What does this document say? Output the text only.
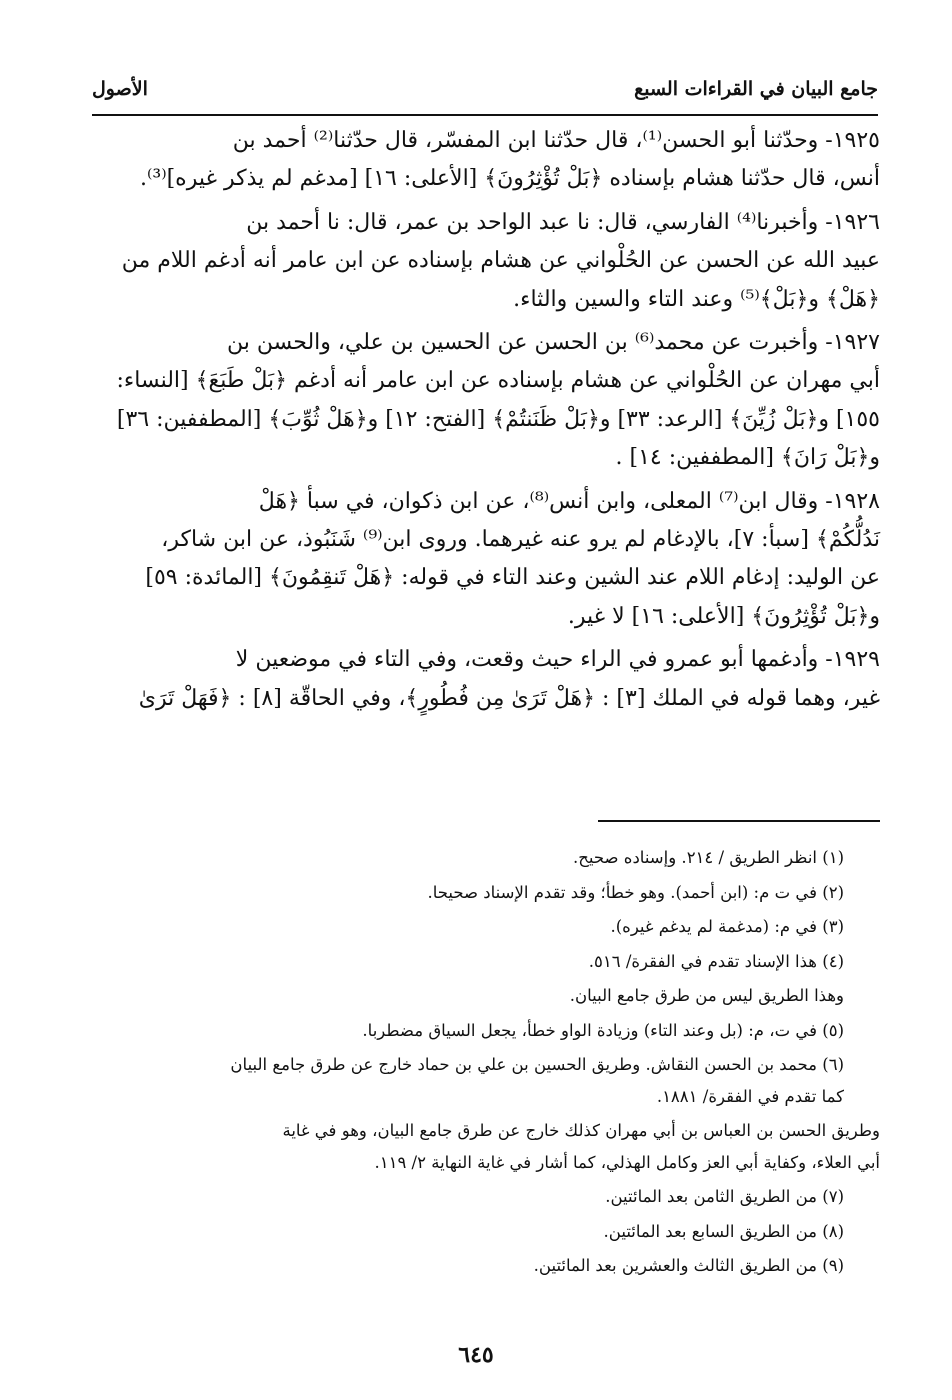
جامع البيان في القراءات السبع
الأصول

١٩٢٥- وحدّثنا أبو الحسن⁽¹⁾، قال حدّثنا ابن المفسّر، قال حدّثنا⁽²⁾ أحمد بن

أنس، قال حدّثنا هشام بإسناده ﴿بَلْ تُؤْثِرُونَ﴾ [الأعلى: ١٦] [مدغم لم يذكر غيره]⁽³⁾.

١٩٢٦- وأخبرنا⁽⁴⁾ الفارسي، قال: نا عبد الواحد بن عمر، قال: نا أحمد بن

عبيد الله عن الحسن عن الحُلْواني عن هشام بإسناده عن ابن عامر أنه أدغم اللام من

﴿هَلْ﴾ و﴿بَلْ﴾⁽⁵⁾ وعند التاء والسين والثاء.

١٩٢٧- وأخبرت عن محمد⁽⁶⁾ بن الحسن عن الحسين بن علي، والحسن بن

أبي مهران عن الحُلْواني عن هشام بإسناده عن ابن عامر أنه أدغم ﴿بَلْ طَبَعَ﴾ [النساء:

١٥٥] و﴿بَلْ زُيِّنَ﴾ [الرعد: ٣٣] و﴿بَلْ ظَنَنتُمْ﴾ [الفتح: ١٢] و﴿هَلْ ثُوِّبَ﴾ [المطففين: ٣٦]

و﴿بَلْ رَانَ﴾ [المطففين: ١٤] .

١٩٢٨- وقال ابن⁽⁷⁾ المعلى، وابن أنس⁽⁸⁾، عن ابن ذكوان، في سبأ ﴿هَلْ

نَدُلُّكُمْ﴾ [سبأ: ٧]، بالإدغام لم يرو عنه غيرهما. وروى ابن⁽⁹⁾ شَنَبُوذ، عن ابن شاكر،

عن الوليد: إدغام اللام عند الشين وعند التاء في قوله: ﴿هَلْ تَنقِمُونَ﴾ [المائدة: ٥٩]

و﴿بَلْ تُؤْثِرُونَ﴾ [الأعلى: ١٦] لا غير.

١٩٢٩- وأدغمها أبو عمرو في الراء حيث وقعت، وفي التاء في موضعين لا

غير، وهما قوله في الملك [٣] : ﴿هَلْ تَرَىٰ مِن فُطُورٍ﴾، وفي الحاقّة [٨] : ﴿فَهَلْ تَرَىٰ

(١) انظر الطريق / ٢١٤. وإسناده صحيح.

(٢) في ت م: (ابن أحمد). وهو خطأ؛ وقد تقدم الإسناد صحيحا.

(٣) في م: (مدغمة لم يدغم غيره).

(٤) هذا الإسناد تقدم في الفقرة/ ٥١٦.

وهذا الطريق ليس من طرق جامع البيان.

(٥) في ت، م: (بل وعند التاء) وزيادة الواو خطأ، يجعل السياق مضطربا.

(٦) محمد بن الحسن النقاش. وطريق الحسين بن علي بن حماد خارج عن طرق جامع البيان

كما تقدم في الفقرة/ ١٨٨١.

وطريق الحسن بن العباس بن أبي مهران كذلك خارج عن طرق جامع البيان، وهو في غاية

أبي العلاء، وكفاية أبي العز وكامل الهذلي، كما أشار في غاية النهاية ٢/ ١١٩.

(٧) من الطريق الثامن بعد المائتين.

(٨) من الطريق السابع بعد المائتين.

(٩) من الطريق الثالث والعشرين بعد المائتين.

٦٤٥
